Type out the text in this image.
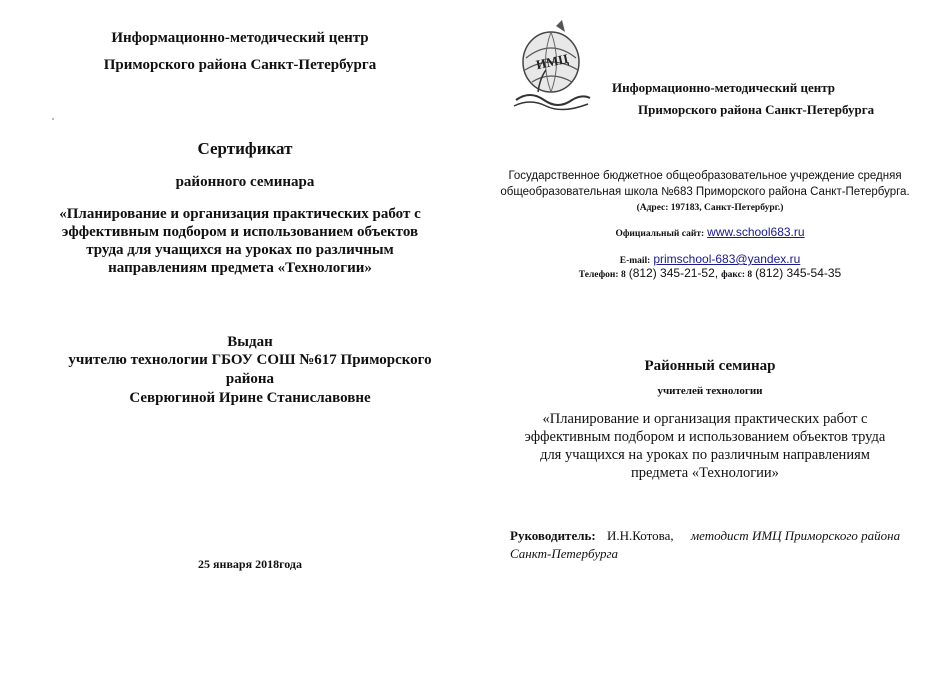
Информационно-методический центр
Приморского района Санкт-Петербурга
Сертификат
районного семинара
«Планирование и организация практических работ с
эффективным подбором и использованием объектов
труда для учащихся на уроках по различным
направлениям предмета «Технологии»
Выдан
учителю технологии ГБОУ СОШ №617 Приморского
района
Севрюгиной Ирине Станиславовне
25 января 2018года
ИМЦ
Информационно-методический центр
Приморского района Санкт-Петербурга
Государственное бюджетное общеобразовательное учреждение средняя
общеобразовательная школа №683 Приморского района Санкт-Петербурга.
(Адрес: 197183, Санкт-Петербург.)
Официальный сайт: www.school683.ru
E-mail: primschool-683@yandex.ru
Телефон: 8 (812) 345-21-52, факс: 8 (812) 345-54-35
Районный семинар
учителей технологии
«Планирование и организация практических работ с
эффективным подбором и использованием объектов труда
для учащихся на уроках по различным направлениям
предмета «Технологии»
Руководитель: И.Н.Котова, методист ИМЦ Приморского района
Санкт-Петербурга
